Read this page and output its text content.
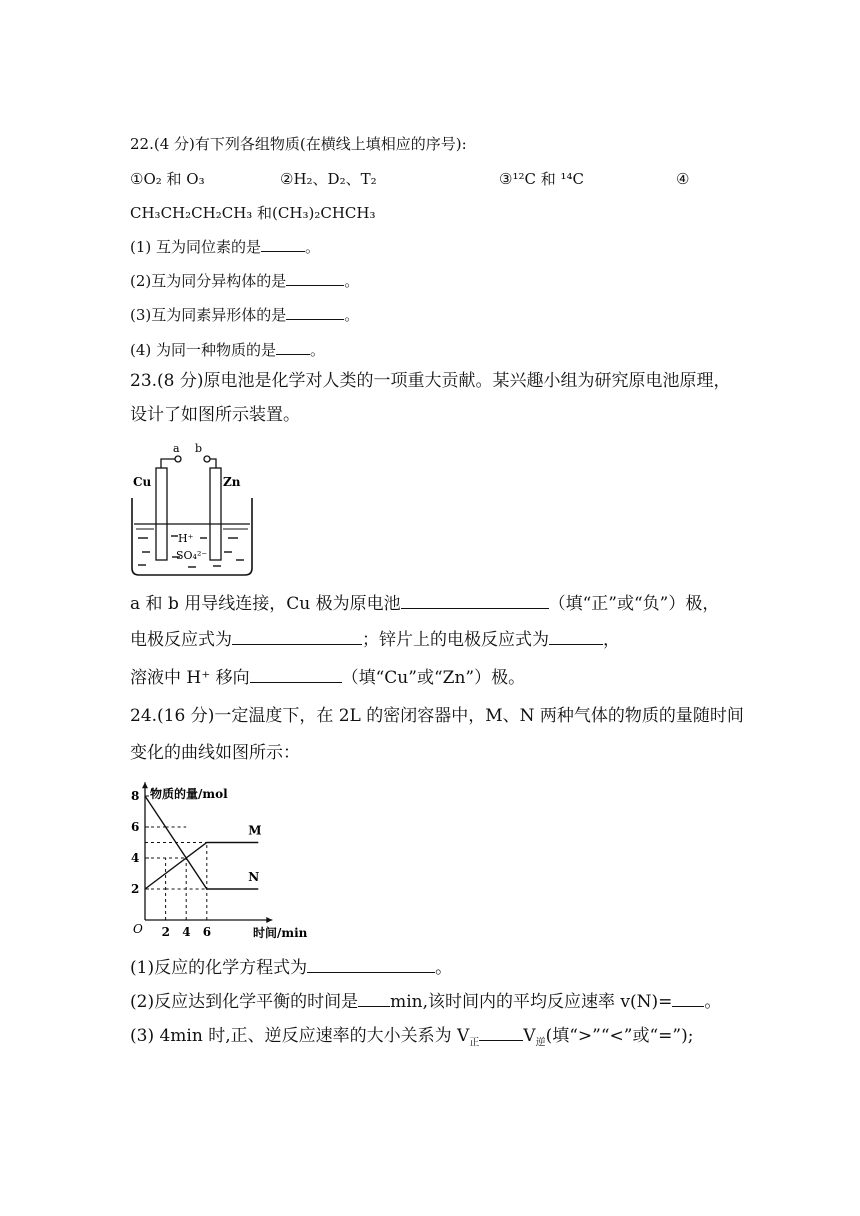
22.(4 分)有下列各组物质(在横线上填相应的序号):
①O₂ 和 O₃	②H₂、D₂、T₂	③¹²C 和 ¹⁴C	④
CH₃CH₂CH₂CH₃ 和(CH₃)₂CHCH₃
(1) 互为同位素的是	。
(2)互为同分异构体的是	。
(3)互为同素异形体的是	。
(4) 为同一种物质的是 。
23.(8 分)原电池是化学对人类的一项重大贡献。某兴趣小组为研究原电池原理，
设计了如图所示装置。
a b
Cu	Zn
H⁺
SO₄²⁻
a 和 b 用导线连接，Cu 极为原电池	（填“正”或“负”）极，
电极反应式为	；锌片上的电极反应式为	，
溶液中 H⁺ 移向	（填“Cu”或“Zn”）极。
24.(16 分)一定温度下，在 2L 的密闭容器中，M、N 两种气体的物质的量随时间
变化的曲线如图所示：
物质的量/mol
时间/min
O
2
4
6
8
2 4 6
M
N
(1)反应的化学方程式为	。
(2)反应达到化学平衡的时间是 min,该时间内的平均反应速率 v(N)= 。
(3) 4min 时,正、逆反应速率的大小关系为 $V_正$	$V_逆$(填“>”“<”或“=”);
